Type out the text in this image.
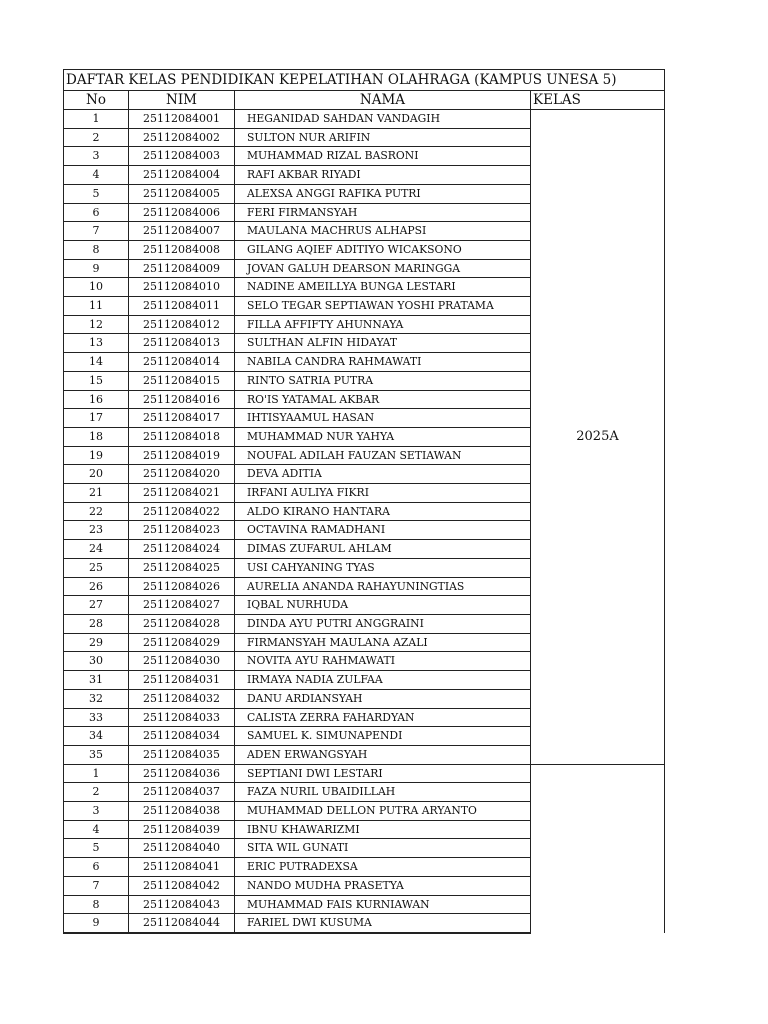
DAFTAR KELAS PENDIDIKAN KEPELATIHAN OLAHRAGA (KAMPUS UNESA 5)			
No	NIM	NAMA	KELAS
1	25112084001	HEGANIDAD SAHDAN VANDAGIH	2025A
2	25112084002	SULTON NUR ARIFIN	
3	25112084003	MUHAMMAD RIZAL BASRONI	
4	25112084004	RAFI AKBAR RIYADI	
5	25112084005	ALEXSA ANGGI RAFIKA PUTRI	
6	25112084006	FERI FIRMANSYAH	
7	25112084007	MAULANA MACHRUS ALHAPSI	
8	25112084008	GILANG AQIEF ADITIYO WICAKSONO	
9	25112084009	JOVAN GALUH DEARSON MARINGGA	
10	25112084010	NADINE AMEILLYA BUNGA LESTARI	
11	25112084011	SELO TEGAR SEPTIAWAN YOSHI PRATAMA	
12	25112084012	FILLA AFFIFTY AHUNNAYA	
13	25112084013	SULTHAN ALFIN HIDAYAT	
14	25112084014	NABILA CANDRA RAHMAWATI	
15	25112084015	RINTO SATRIA PUTRA	
16	25112084016	RO'IS YATAMAL AKBAR	
17	25112084017	IHTISYAAMUL HASAN	
18	25112084018	MUHAMMAD NUR YAHYA	
19	25112084019	NOUFAL ADILAH FAUZAN SETIAWAN	
20	25112084020	DEVA ADITIA	
21	25112084021	IRFANI AULIYA FIKRI	
22	25112084022	ALDO KIRANO HANTARA	
23	25112084023	OCTAVINA RAMADHANI	
24	25112084024	DIMAS ZUFARUL AHLAM	
25	25112084025	USI CAHYANING TYAS	
26	25112084026	AURELIA ANANDA RAHAYUNINGTIAS	
27	25112084027	IQBAL NURHUDA	
28	25112084028	DINDA AYU PUTRI ANGGRAINI	
29	25112084029	FIRMANSYAH MAULANA AZALI	
30	25112084030	NOVITA AYU RAHMAWATI	
31	25112084031	IRMAYA NADIA ZULFAA	
32	25112084032	DANU ARDIANSYAH	
33	25112084033	CALISTA ZERRA FAHARDYAN	
34	25112084034	SAMUEL K. SIMUNAPENDI	
35	25112084035	ADEN ERWANGSYAH	
1	25112084036	SEPTIANI DWI LESTARI	
2	25112084037	FAZA NURIL UBAIDILLAH	
3	25112084038	MUHAMMAD DELLON PUTRA ARYANTO	
4	25112084039	IBNU KHAWARIZMI	
5	25112084040	SITA WIL GUNATI	
6	25112084041	ERIC PUTRADEXSA	
7	25112084042	NANDO MUDHA PRASETYA	
8	25112084043	MUHAMMAD FAIS KURNIAWAN	
9	25112084044	FARIEL DWI KUSUMA	
